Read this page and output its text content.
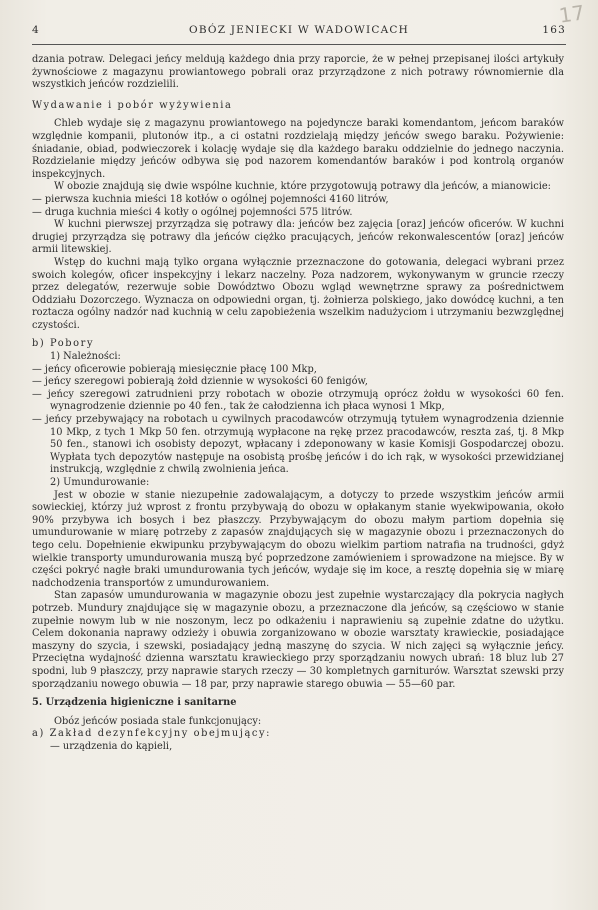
17
4	OBÓZ JENIECKI W WADOWICACH	163

dzania potraw. Delegaci jeńcy meldują każdego dnia przy raporcie, że w pełnej przepisanej ilości artykuły żywnościowe z magazynu prowiantowego pobrali oraz przyrządzone z nich potrawy równomiernie dla wszystkich jeńców rozdzielili.

Wydawanie i pobór wyżywienia

Chleb wydaje się z magazynu prowiantowego na pojedyncze baraki komendantom, jeńcom baraków względnie kompanii, plutonów itp., a ci ostatni rozdzielają między jeńców swego baraku. Pożywienie: śniadanie, obiad, podwieczorek i kolację wydaje się dla każdego baraku oddzielnie do jednego naczynia. Rozdzielanie między jeńców odbywa się pod nazorem komendantów baraków i pod kontrolą organów inspekcyjnych.

W obozie znajdują się dwie wspólne kuchnie, które przygotowują potrawy dla jeńców, a mianowicie:

— pierwsza kuchnia mieści 18 kotłów o ogólnej pojemności 4160 litrów,

— druga kuchnia mieści 4 kotły o ogólnej pojemności 575 litrów.

W kuchni pierwszej przyrządza się potrawy dla: jeńców bez zajęcia [oraz] jeńców oficerów. W kuchni drugiej przyrządza się potrawy dla jeńców ciężko pracujących, jeńców rekonwalescentów [oraz] jeńców armii litewskiej.

Wstęp do kuchni mają tylko organa wyłącznie przeznaczone do gotowania, delegaci wybrani przez swoich kolegów, oficer inspekcyjny i lekarz naczelny. Poza nadzorem, wykonywanym w gruncie rzeczy przez delegatów, rezerwuje sobie Dowództwo Obozu wgląd wewnętrzne sprawy za pośrednictwem Oddziału Dozorczego. Wyznacza on odpowiedni organ, tj. żołnierza polskiego, jako dowódcę kuchni, a ten roztacza ogólny nadzór nad kuchnią w celu zapobieżenia wszelkim nadużyciom i utrzymaniu bezwzględnej czystości.

b) Pobory

1) Należności:

— jeńcy oficerowie pobierają miesięcznie płacę 100 Mkp,

— jeńcy szeregowi pobierają żołd dziennie w wysokości 60 fenigów,

— jeńcy szeregowi zatrudnieni przy robotach w obozie otrzymują oprócz żołdu w wysokości 60 fen. wynagrodzenie dziennie po 40 fen., tak że całodzienna ich płaca wynosi 1 Mkp,

— jeńcy przebywający na robotach u cywilnych pracodawców otrzymują tytułem wynagrodzenia dziennie 10 Mkp, z tych 1 Mkp 50 fen. otrzymują wypłacone na rękę przez pracodawców, reszta zaś, tj. 8 Mkp 50 fen., stanowi ich osobisty depozyt, wpłacany i zdeponowany w kasie Komisji Gospodarczej obozu. Wypłata tych depozytów następuje na osobistą prośbę jeńców i do ich rąk, w wysokości przewidzianej instrukcją, względnie z chwilą zwolnienia jeńca.

2) Umundurowanie:

Jest w obozie w stanie niezupełnie zadowalającym, a dotyczy to przede wszystkim jeńców armii sowieckiej, którzy już wprost z frontu przybywają do obozu w opłakanym stanie wyekwipowania, około 90% przybywa ich bosych i bez płaszczy. Przybywającym do obozu małym partiom dopełnia się umundurowanie w miarę potrzeby z zapasów znajdujących się w magazynie obozu i przeznaczonych do tego celu. Dopełnienie ekwipunku przybywającym do obozu wielkim partiom natrafia na trudności, gdyż wielkie transporty umundurowania muszą być poprzedzone zamówieniem i sprowadzone na miejsce. By w części pokryć nagłe braki umundurowania tych jeńców, wydaje się im koce, a resztę dopełnia się w miarę nadchodzenia transportów z umundurowaniem.

Stan zapasów umundurowania w magazynie obozu jest zupełnie wystarczający dla pokrycia nagłych potrzeb. Mundury znajdujące się w magazynie obozu, a przeznaczone dla jeńców, są częściowo w stanie zupełnie nowym lub w nie noszonym, lecz po odkażeniu i naprawieniu są zupełnie zdatne do użytku. Celem dokonania naprawy odzieży i obuwia zorganizowano w obozie warsztaty krawieckie, posiadające maszyny do szycia, i szewski, posiadający jedną maszynę do szycia. W nich zajęci są wyłącznie jeńcy. Przeciętna wydajność dzienna warsztatu krawieckiego przy sporządzaniu nowych ubrań: 18 bluz lub 27 spodni, lub 9 płaszczy, przy naprawie starych rzeczy — 30 kompletnych garniturów. Warsztat szewski przy sporządzaniu nowego obuwia — 18 par, przy naprawie starego obuwia — 55—60 par.

5. Urządzenia higieniczne i sanitarne

Obóz jeńców posiada stale funkcjonujący:

a) Zakład dezynfekcyjny obejmujący:

— urządzenia do kąpieli,
